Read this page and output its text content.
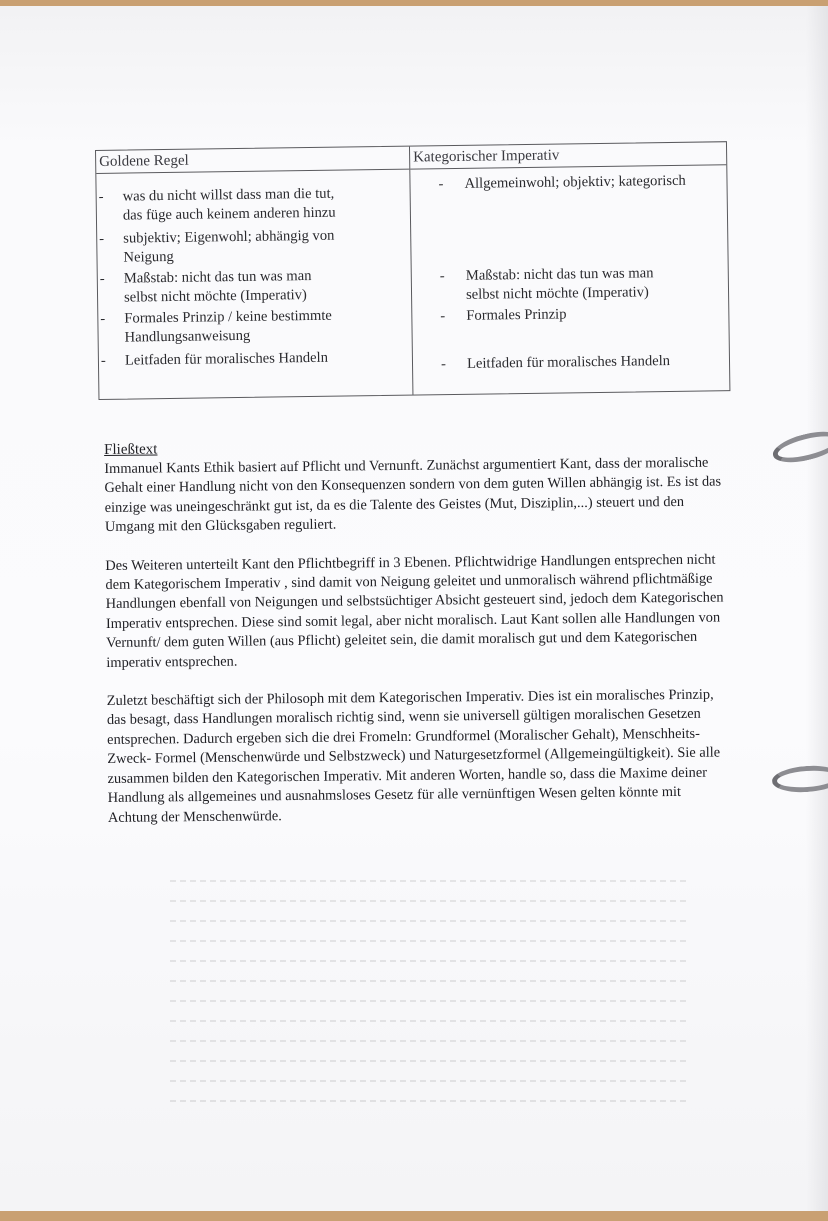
Goldene Regel
- was du nicht willst dass man die tut,
das füge auch keinem anderen hinzu
- subjektiv; Eigenwohl; abhängig von
Neigung
- Maßstab: nicht das tun was man
selbst nicht möchte (Imperativ)
- Formales Prinzip / keine bestimmte
Handlungsanweisung
- Leitfaden für moralisches Handeln
Kategorischer Imperativ
- Allgemeinwohl; objektiv; kategorisch
- Maßstab: nicht das tun was man
selbst nicht möchte (Imperativ)
- Formales Prinzip
- Leitfaden für moralisches Handeln
Fließtext

Immanuel Kants Ethik basiert auf Pflicht und Vernunft. Zunächst argumentiert Kant, dass der moralische Gehalt einer Handlung nicht von den Konsequenzen sondern von dem guten Willen abhängig ist. Es ist das einzige was uneingeschränkt gut ist, da es die Talente des Geistes (Mut, Disziplin,...) steuert und den Umgang mit den Glücksgaben reguliert.

Des Weiteren unterteilt Kant den Pflichtbegriff in 3 Ebenen. Pflichtwidrige Handlungen entsprechen nicht dem Kategorischem Imperativ , sind damit von Neigung geleitet und unmoralisch während pflichtmäßige Handlungen ebenfall von Neigungen und selbstsüchtiger Absicht gesteuert sind, jedoch dem Kategorischen Imperativ entsprechen. Diese sind somit legal, aber nicht moralisch. Laut Kant sollen alle Handlungen von Vernunft/ dem guten Willen (aus Pflicht) geleitet sein, die damit moralisch gut und dem Kategorischen imperativ entsprechen.

Zuletzt beschäftigt sich der Philosoph mit dem Kategorischen Imperativ. Dies ist ein moralisches Prinzip, das besagt, dass Handlungen moralisch richtig sind, wenn sie universell gültigen moralischen Gesetzen entsprechen. Dadurch ergeben sich die drei Fromeln: Grundformel (Moralischer Gehalt), Menschheits-Zweck- Formel (Menschenwürde und Selbstzweck) und Naturgesetzformel (Allgemeingültigkeit). Sie alle zusammen bilden den Kategorischen Imperativ. Mit anderen Worten, handle so, dass die Maxime deiner Handlung als allgemeines und ausnahmsloses Gesetz für alle vernünftigen Wesen gelten könnte mit Achtung der Menschenwürde.
